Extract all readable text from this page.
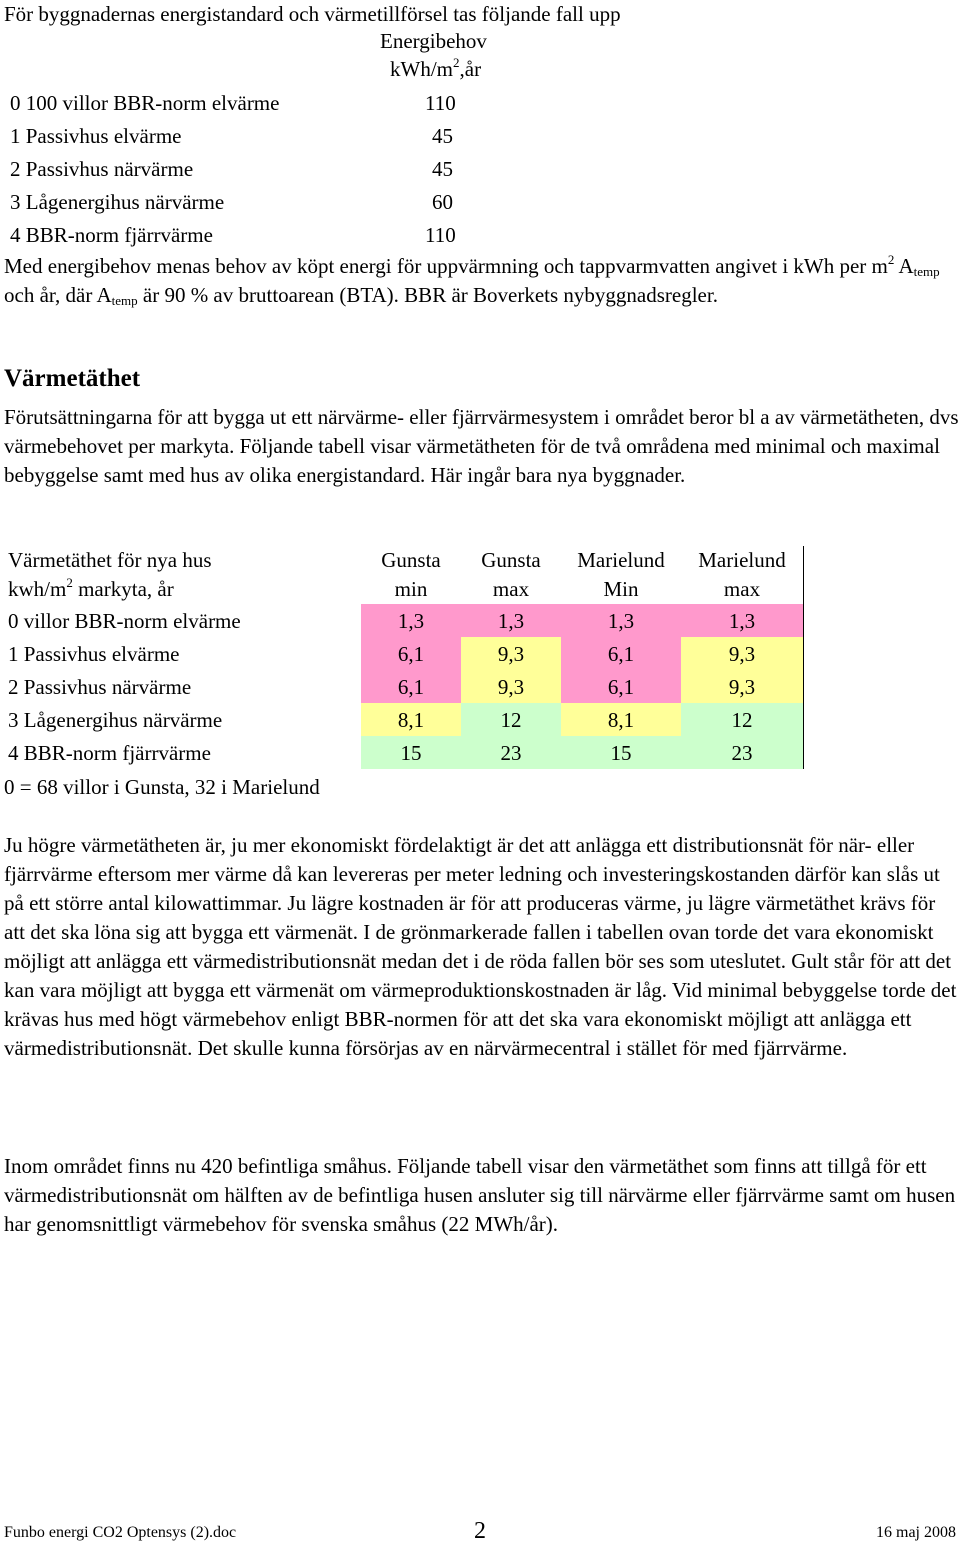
För byggnadernas energistandard och värmetillförsel tas följande fall upp
Energibehov
kWh/$m^2,år$
0 100 villor BBR-norm elvärme	110
1 Passivhus elvärme	45
2 Passivhus närvärme	45
3 Lågenergihus närvärme	60
4 BBR-norm fjärrvärme	110

Med energibehov menas behov av köpt energi för uppvärmning och tappvarmvatten angivet i kWh per $m^2$ $A_{temp}$ och år, där $A_{temp}$ är 90 % av bruttoarean (BTA). BBR är Boverkets nybyggnadsregler.

Värmetäthet

Förutsättningarna för att bygga ut ett närvärme- eller fjärrvärmesystem i området beror bl a av värmetätheten, dvs värmebehovet per markyta. Följande tabell visar värmetätheten för de två områdena med minimal och maximal bebyggelse samt med hus av olika energistandard. Här ingår bara nya byggnader.

Värmetäthet för nya hus	Gunsta	Gunsta	Marielund	Marielund
kwh/$m^2$ markyta, år	min	max	Min	max
0 villor BBR-norm elvärme	1,3	1,3	1,3	1,3
1 Passivhus elvärme	6,1	9,3	6,1	9,3
2 Passivhus närvärme	6,1	9,3	6,1	9,3
3 Lågenergihus närvärme	8,1	12	8,1	12
4 BBR-norm fjärrvärme	15	23	15	23
0 = 68 villor i Gunsta, 32 i Marielund

Ju högre värmetätheten är, ju mer ekonomiskt fördelaktigt är det att anlägga ett distributionsnät för när- eller fjärrvärme eftersom mer värme då kan levereras per meter ledning och investeringskostanden därför kan slås ut på ett större antal kilowattimmar. Ju lägre kostnaden är för att produceras värme, ju lägre värmetäthet krävs för att det ska löna sig att bygga ett värmenät. I de grönmarkerade fallen i tabellen ovan torde det vara ekonomiskt möjligt att anlägga ett värmedistributionsnät medan det i de röda fallen bör ses som uteslutet. Gult står för att det kan vara möjligt att bygga ett värmenät om värmeproduktionskostnaden är låg. Vid minimal bebyggelse torde det krävas hus med högt värmebehov enligt BBR-normen för att det ska vara ekonomiskt möjligt att anlägga ett värmedistributionsnät. Det skulle kunna försörjas av en närvärmecentral i stället för med fjärrvärme.

Inom området finns nu 420 befintliga småhus. Följande tabell visar den värmetäthet som finns att tillgå för ett värmedistributionsnät om hälften av de befintliga husen ansluter sig till närvärme eller fjärrvärme samt om husen har genomsnittligt värmebehov för svenska småhus (22 MWh/år).

Funbo energi CO2 Optensys (2).doc	2	16 maj 2008
